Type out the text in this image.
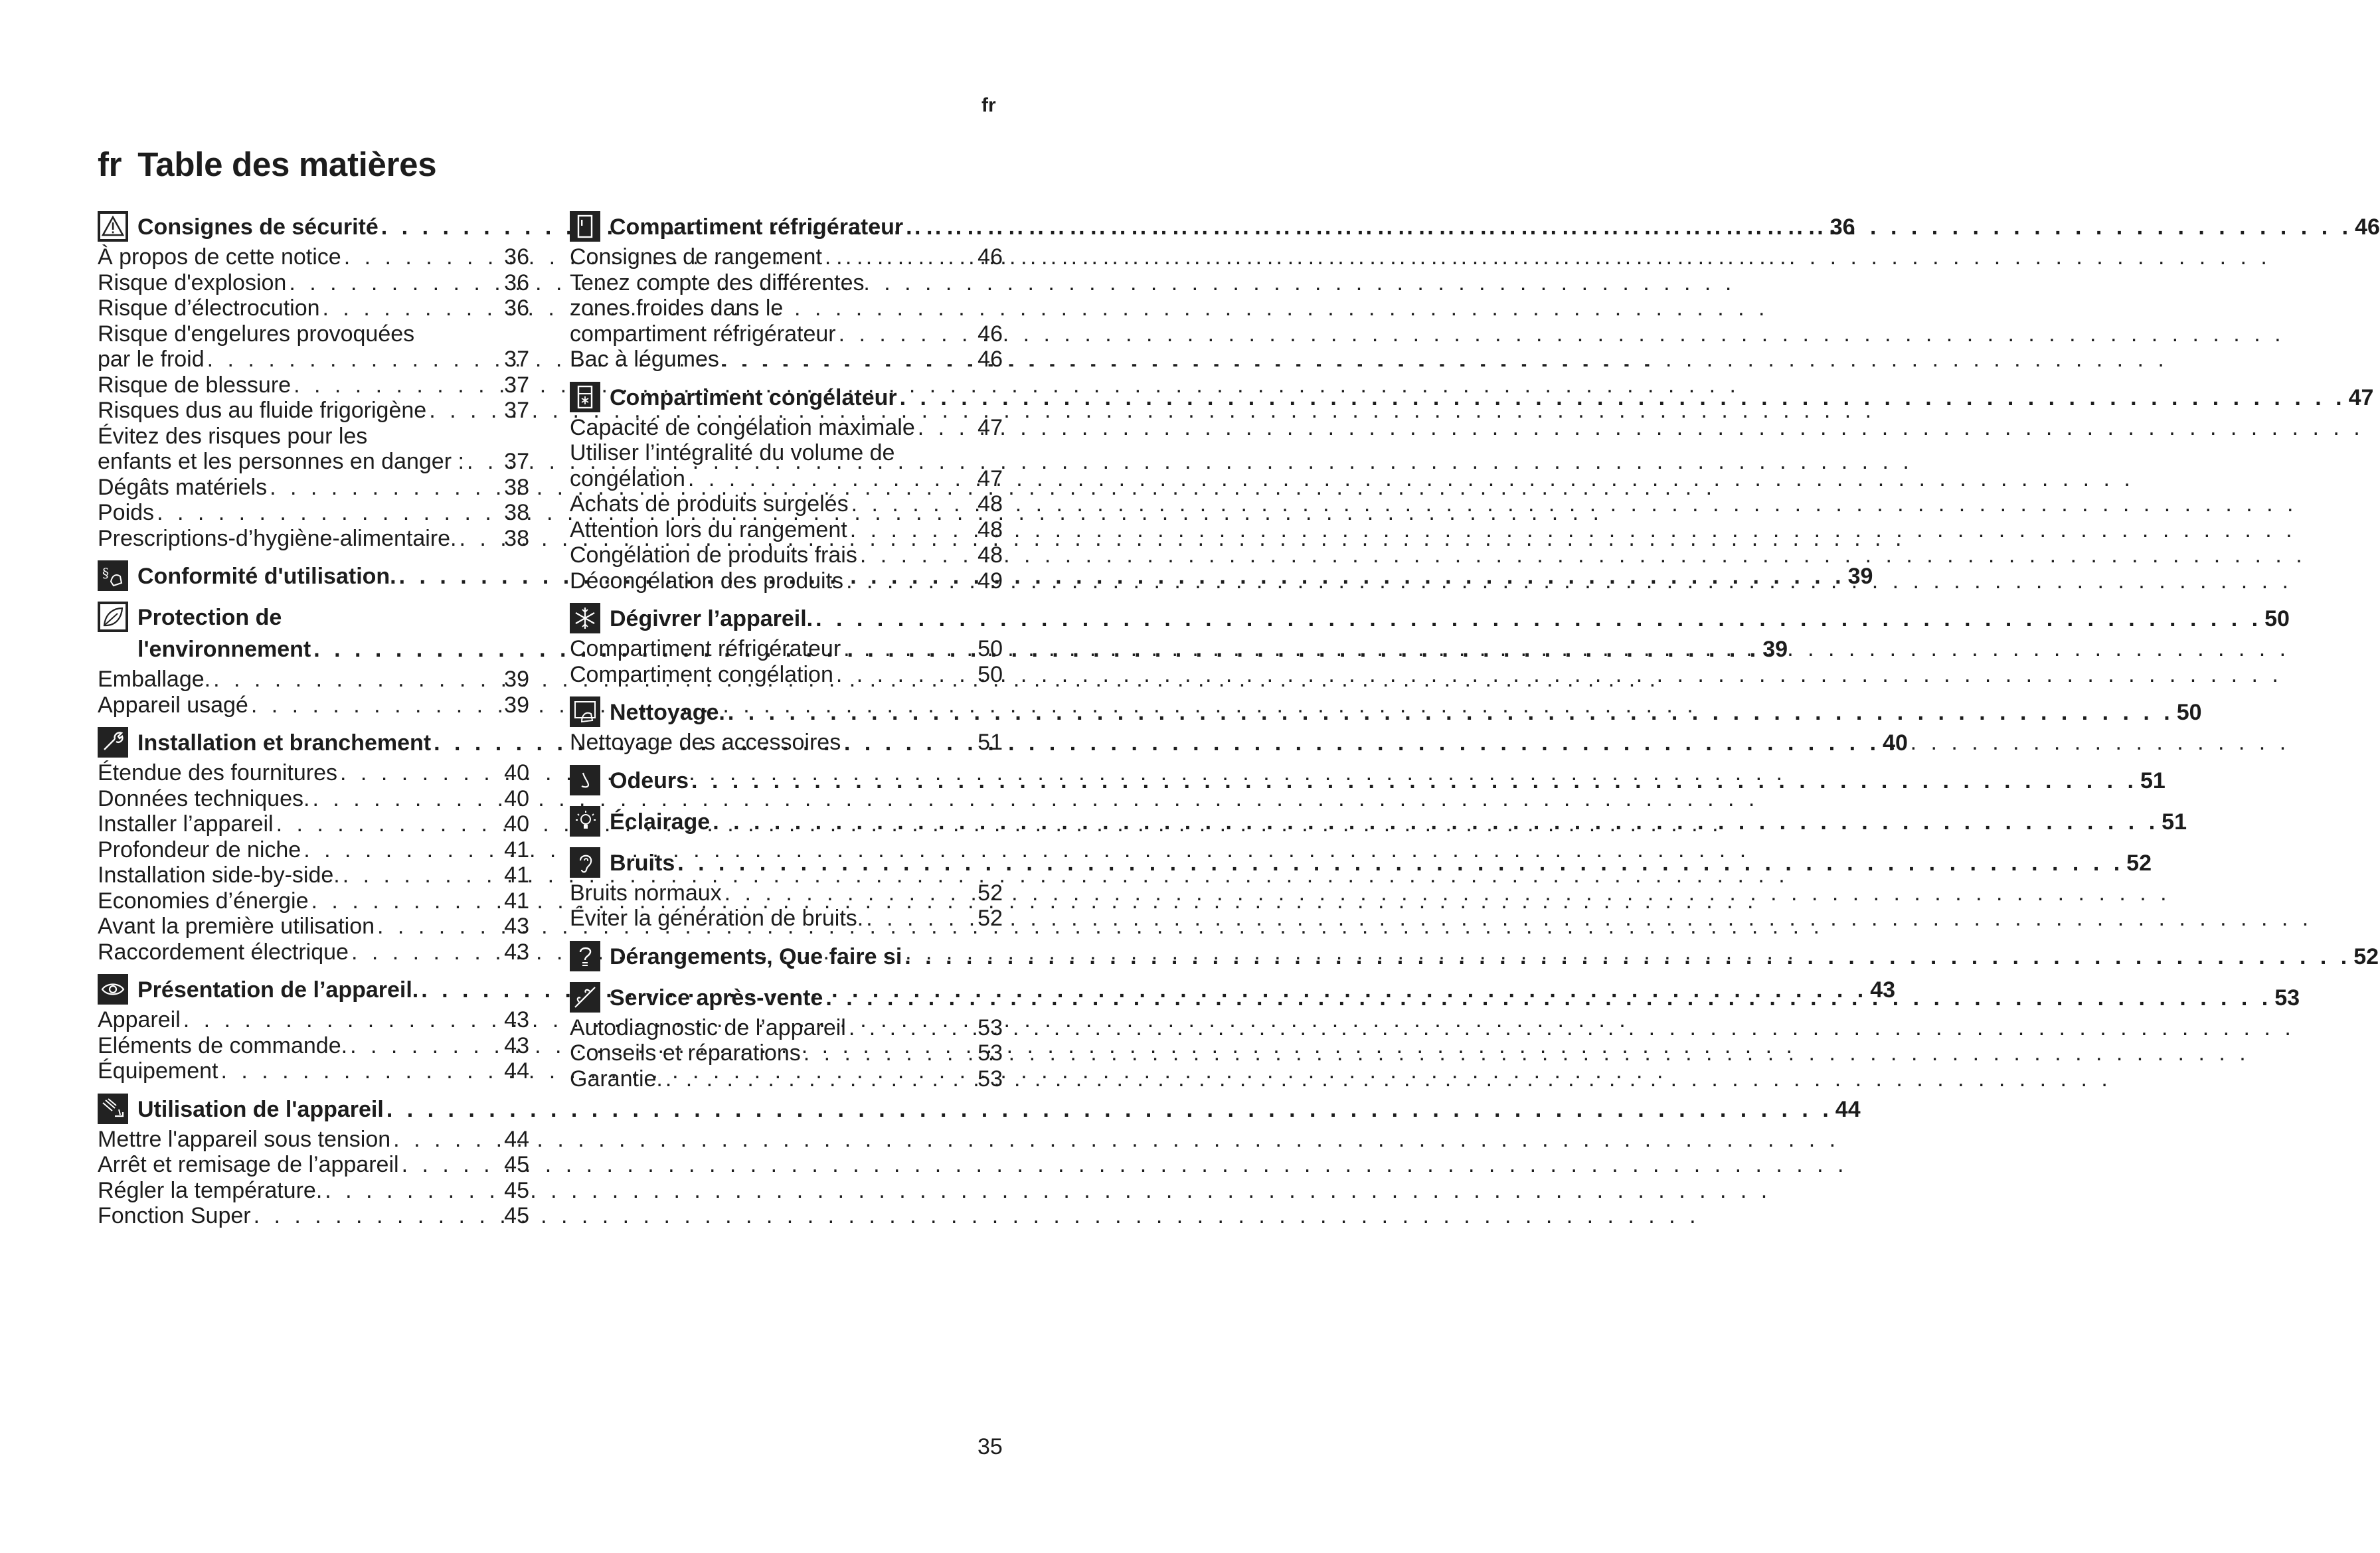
fr
fr Table des matières
Consignes de sécurité . . .	36
À propos de cette notice . . .	36
Risque d'explosion . . .	36
Risque d’électrocution . . .	36
Risque d'engelures provoquées
par le froid . . .	37
Risque de blessure . . .	37
Risques dus au fluide frigorigène . . .	37
Évitez des risques pour les
enfants et les personnes en danger : . . . 37
Dégâts matériels . . .	38
Poids . . .	38
Prescriptions-d’hygiène-alimentaire. . . . 38
§ Conformité d'utilisation. . . .	39
Protection de
l'environnement . . .	39
Emballage. . . .	39
Appareil usagé . . .	39
Installation et branchement . . .	40
Étendue des fournitures . . .	40
Données techniques. . . .	40
Installer l’appareil . . .	40
Profondeur de niche . . .	41
Installation side-by-side. . . .	41
Economies d’énergie . . .	41
Avant la première utilisation . . .	43
Raccordement électrique . . .	43
Présentation de l’appareil. . . .	43
Appareil . . .	43
Eléments de commande. . . .	43
Équipement . . .	44
Utilisation de l'appareil . . .	44
Mettre l'appareil sous tension . . .	44
Arrêt et remisage de l’appareil . . .	45
Régler la température. . . .	45
Fonction Super . . .	45
Compartiment réfrigérateur . . .	46
Consignes de rangement . . .	46
Tenez compte des différentes
zones froides dans le
compartiment réfrigérateur . . .	46
Bac à légumes . . .	46
Compartiment congélateur . . .	47
Capacité de congélation maximale . . .	47
Utiliser l’intégralité du volume de
congélation . . .	47
Achats de produits surgelés . . .	48
Attention lors du rangement . . .	48
Congélation de produits frais . . .	48
Décongélation des produits . . .	49
Dégivrer l’appareil. . . .	50
Compartiment réfrigérateur . . .	50
Compartiment congélation . . .	50
Nettoyage. . . .	50
Nettoyage des accessoires . . .	51
Odeurs . . .	51
Éclairage . . .	51
Bruits . . .	52
Bruits normaux . . .	52
Éviter la génération de bruits. . . .	52
Dérangements, Que faire si . . .	52
Service après-vente . . .	53
Autodiagnostic de l’appareil . . .	53
Conseils et réparations . . .	53
Garantie. . . .	53
35
